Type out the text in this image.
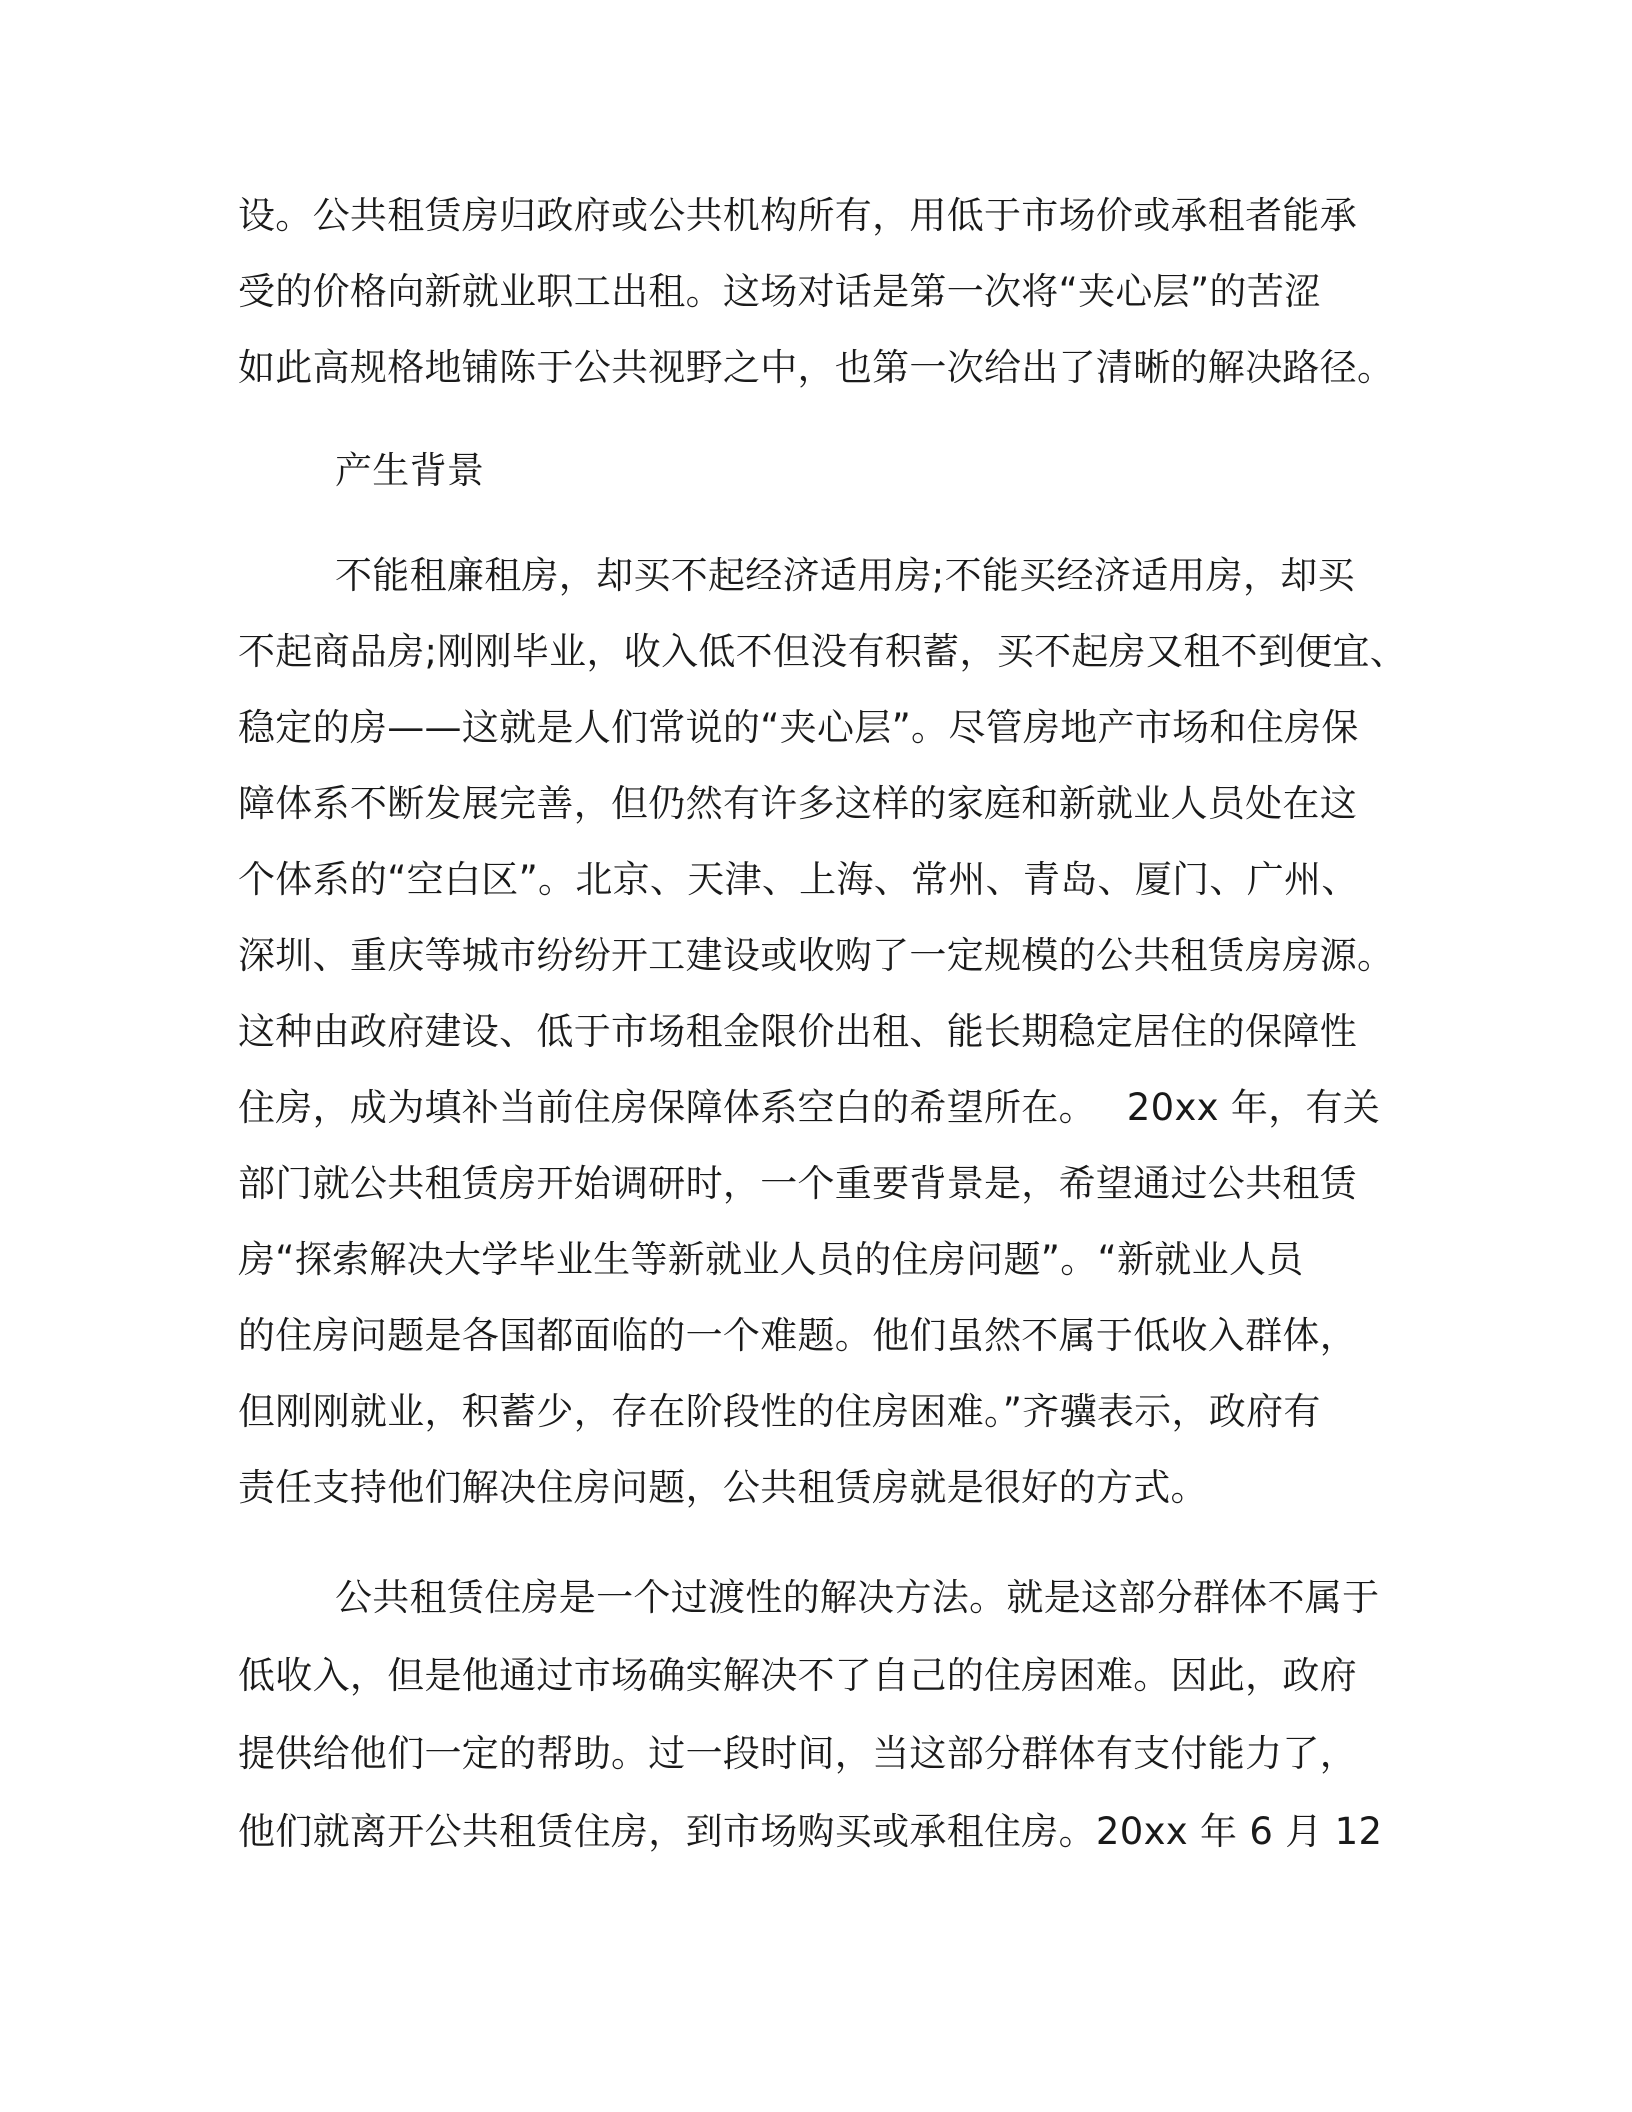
设。公共租赁房归政府或公共机构所有，用低于市场价或承租者能承
受的价格向新就业职工出租。这场对话是第一次将“夹心层”的苦涩
如此高规格地铺陈于公共视野之中，也第一次给出了清晰的解决路径。
产生背景
不能租廉租房，却买不起经济适用房;不能买经济适用房，却买
不起商品房;刚刚毕业，收入低不但没有积蓄，买不起房又租不到便宜、
稳定的房——这就是人们常说的“夹心层”。尽管房地产市场和住房保
障体系不断发展完善，但仍然有许多这样的家庭和新就业人员处在这
个体系的“空白区”。北京、天津、上海、常州、青岛、厦门、广州、
深圳、重庆等城市纷纷开工建设或收购了一定规模的公共租赁房房源。
这种由政府建设、低于市场租金限价出租、能长期稳定居住的保障性
住房，成为填补当前住房保障体系空白的希望所在。　 20xx 年，有关
部门就公共租赁房开始调研时，一个重要背景是，希望通过公共租赁
房“探索解决大学毕业生等新就业人员的住房问题”。“新就业人员
的住房问题是各国都面临的一个难题。他们虽然不属于低收入群体，
但刚刚就业，积蓄少，存在阶段性的住房困难。”齐骥表示，政府有
责任支持他们解决住房问题，公共租赁房就是很好的方式。
公共租赁住房是一个过渡性的解决方法。就是这部分群体不属于
低收入，但是他通过市场确实解决不了自己的住房困难。因此，政府
提供给他们一定的帮助。过一段时间，当这部分群体有支付能力了，
他们就离开公共租赁住房，到市场购买或承租住房。20xx 年 6 月 12
